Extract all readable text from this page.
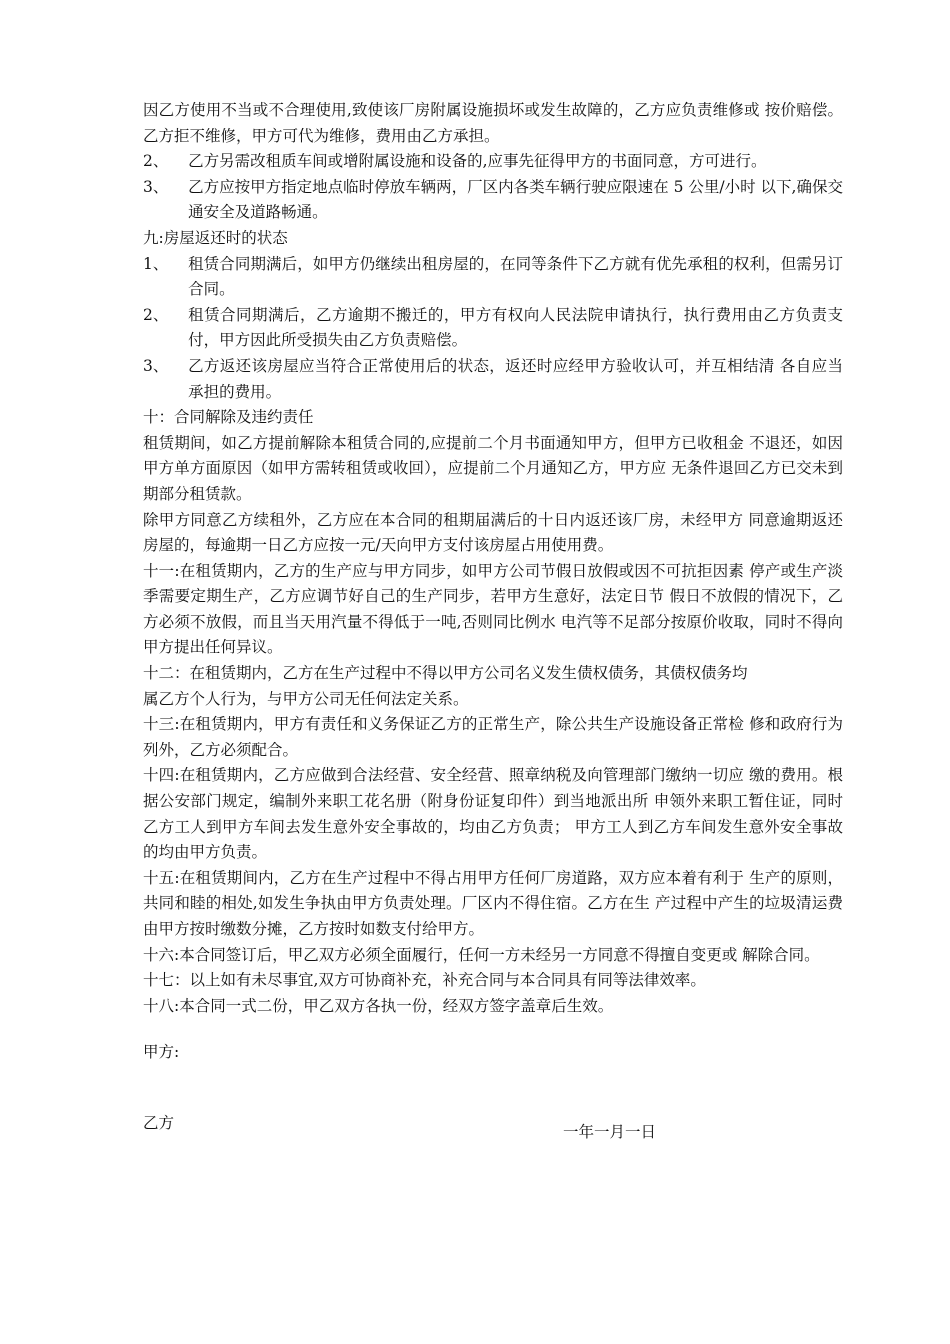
因乙方使用不当或不合理使用,致使该厂房附属设施损坏或发生故障的，乙方应负责维修或 按价赔偿。乙方拒不维修，甲方可代为维修，费用由乙方承担。

2、 乙方另需改租质车间或增附属设施和设备的,应事先征得甲方的书面同意，方可进行。
3、 乙方应按甲方指定地点临时停放车辆两，厂区内各类车辆行驶应限速在 5 公里/小时 以下,确保交通安全及道路畅通。

九:房屋返还时的状态

1、 租赁合同期满后，如甲方仍继续出租房屋的，在同等条件下乙方就有优先承租的权利，但需另订合同。
2、 租赁合同期满后，乙方逾期不搬迁的，甲方有权向人民法院申请执行，执行费用由乙方负责支付，甲方因此所受损失由乙方负责赔偿。
3、 乙方返还该房屋应当符合正常使用后的状态，返还时应经甲方验收认可，并互相结清 各自应当承担的费用。

十：合同解除及违约责任

租赁期间，如乙方提前解除本租赁合同的,应提前二个月书面通知甲方，但甲方已收租金 不退还，如因甲方单方面原因（如甲方需转租赁或收回），应提前二个月通知乙方，甲方应 无条件退回乙方已交未到期部分租赁款。

除甲方同意乙方续租外，乙方应在本合同的租期届满后的十日内返还该厂房，未经甲方 同意逾期返还房屋的，每逾期一日乙方应按一元/天向甲方支付该房屋占用使用费。

十一:在租赁期内，乙方的生产应与甲方同步，如甲方公司节假日放假或因不可抗拒因素 停产或生产淡季需要定期生产，乙方应调节好自己的生产同步，若甲方生意好，法定日节 假日不放假的情况下，乙方必须不放假，而且当天用汽量不得低于一吨,否则同比例水 电汽等不足部分按原价收取，同时不得向甲方提出任何异议。

十二：在租赁期内，乙方在生产过程中不得以甲方公司名义发生债权债务，其债权债务均

属乙方个人行为，与甲方公司无任何法定关系。

十三:在租赁期内，甲方有责任和义务保证乙方的正常生产，除公共生产设施设备正常检 修和政府行为列外，乙方必须配合。

十四:在租赁期内，乙方应做到合法经营、安全经营、照章纳税及向管理部门缴纳一切应 缴的费用。根据公安部门规定，编制外来职工花名册（附身份证复印件）到当地派出所 申领外来职工暂住证，同时乙方工人到甲方车间去发生意外安全事故的，均由乙方负责； 甲方工人到乙方车间发生意外安全事故的均由甲方负责。

十五:在租赁期间内，乙方在生产过程中不得占用甲方任何厂房道路，双方应本着有利于 生产的原则，共同和睦的相处,如发生争执由甲方负责处理。厂区内不得住宿。乙方在生 产过程中产生的垃圾清运费由甲方按时缴数分摊，乙方按时如数支付给甲方。

十六:本合同签订后，甲乙双方必须全面履行，任何一方未经另一方同意不得擅自变更或 解除合同。

十七：以上如有未尽事宜,双方可协商补充，补充合同与本合同具有同等法律效率。

十八:本合同一式二份，甲乙双方各执一份，经双方签字盖章后生效。

甲方:

乙方

一年一月一日
